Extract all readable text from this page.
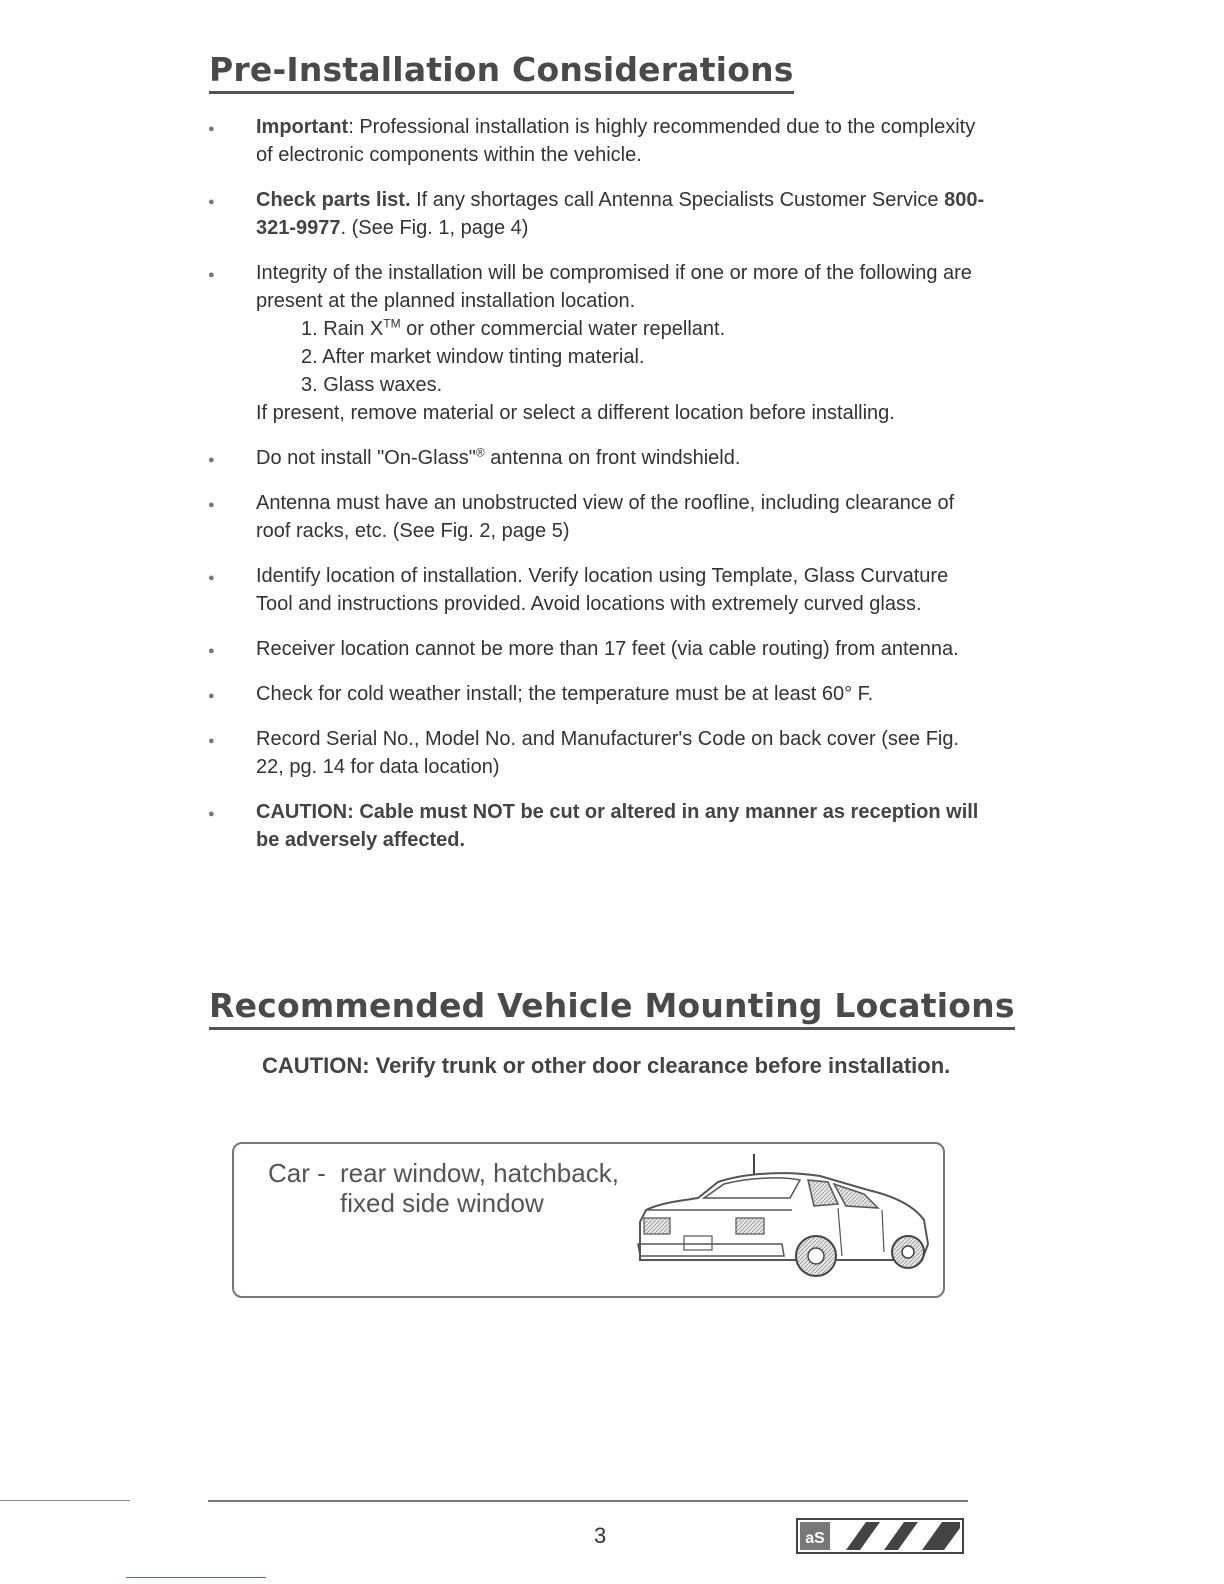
Pre-Installation Considerations
● Important: Professional installation is highly recommended due to the complexity of electronic components within the vehicle.
● Check parts list. If any shortages call Antenna Specialists Customer Service 800-321-9977. (See Fig. 1, page 4)
● Integrity of the installation will be compromised if one or more of the following are present at the planned installation location.
1. Rain X™ or other commercial water repellant.
2. After market window tinting material.
3. Glass waxes.
If present, remove material or select a different location before installing.
● Do not install "On-Glass"® antenna on front windshield.
● Antenna must have an unobstructed view of the roofline, including clearance of roof racks, etc. (See Fig. 2, page 5)
● Identify location of installation. Verify location using Template, Glass Curvature Tool and instructions provided. Avoid locations with extremely curved glass.
● Receiver location cannot be more than 17 feet (via cable routing) from antenna.
● Check for cold weather install; the temperature must be at least 60° F.
● Record Serial No., Model No. and Manufacturer's Code on back cover (see Fig. 22, pg. 14 for data location)
● CAUTION: Cable must NOT be cut or altered in any manner as reception will be adversely affected.
Recommended Vehicle Mounting Locations

CAUTION: Verify trunk or other door clearance before installation.

Car - rear window, hatchback,
fixed side window
3	aS
